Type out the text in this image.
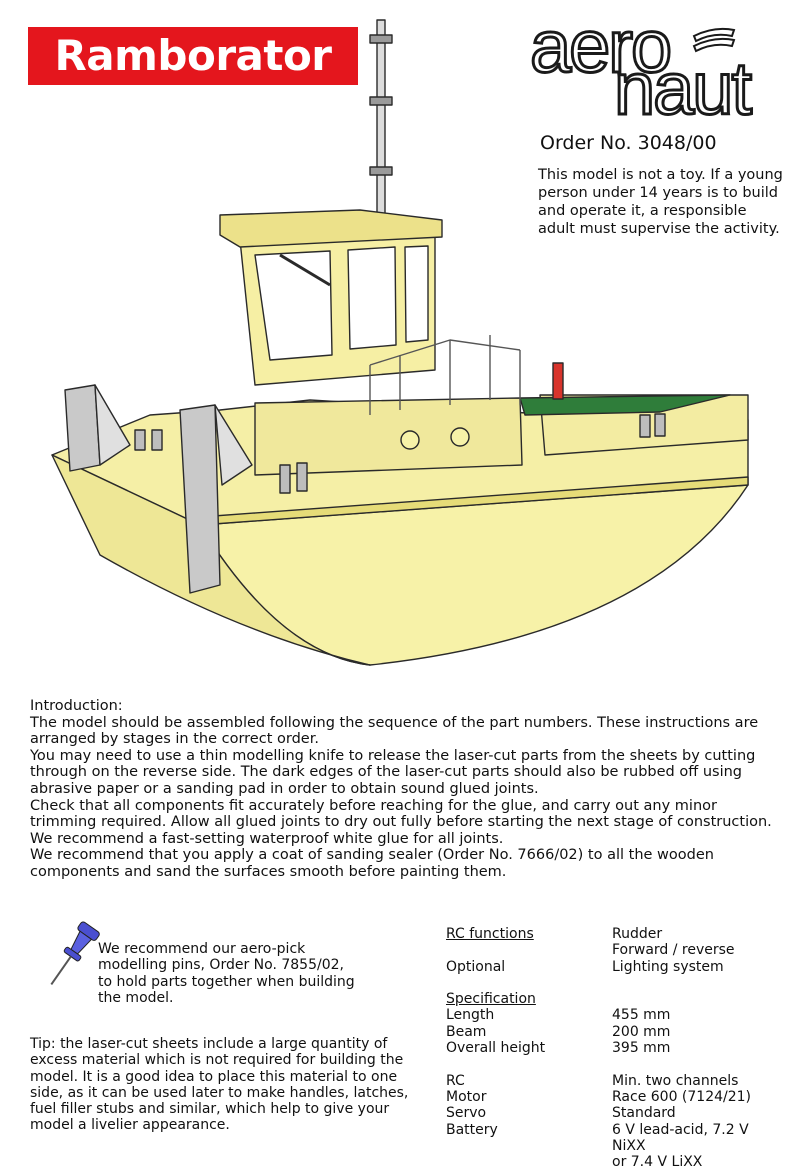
Ramborator	aero
naut
Order No. 3048/00
This model is not a toy. If a young person under 14 years is to build and operate it, a responsible adult must supervise the activity.

Introduction:

The model should be assembled following the sequence of the part numbers. These instructions are arranged by stages in the correct order.

You may need to use a thin modelling knife to release the laser-cut parts from the sheets by cutting through on the reverse side. The dark edges of the laser-cut parts should also be rubbed off using abrasive paper or a sanding pad in order to obtain sound glued joints.

Check that all components fit accurately before reaching for the glue, and carry out any minor trimming required. Allow all glued joints to dry out fully before starting the next stage of construction. We recommend a fast-setting waterproof white glue for all joints.

We recommend that you apply a coat of sanding sealer (Order No. 7666/02) to all the wooden components and sand the surfaces smooth before painting them.

We recommend our aero-pick modelling pins, Order No. 7855/02, to hold parts together when building the model.
Tip: the laser-cut sheets include a large quantity of excess material which is not required for building the model. It is a good idea to place this material to one side, as it can be used later to make handles, latches, fuel filler stubs and similar, which help to give your model a livelier appearance.
RC functions	Rudder
Forward / reverse
Optional	Lighting system
Specification
Length	455 mm
Beam	200 mm
Overall height	395 mm
RC	Min. two channels
Motor	Race 600 (7124/21)
Servo	Standard
Battery	6 V lead-acid, 7.2 V NiXX
or 7.4 V LiXX
